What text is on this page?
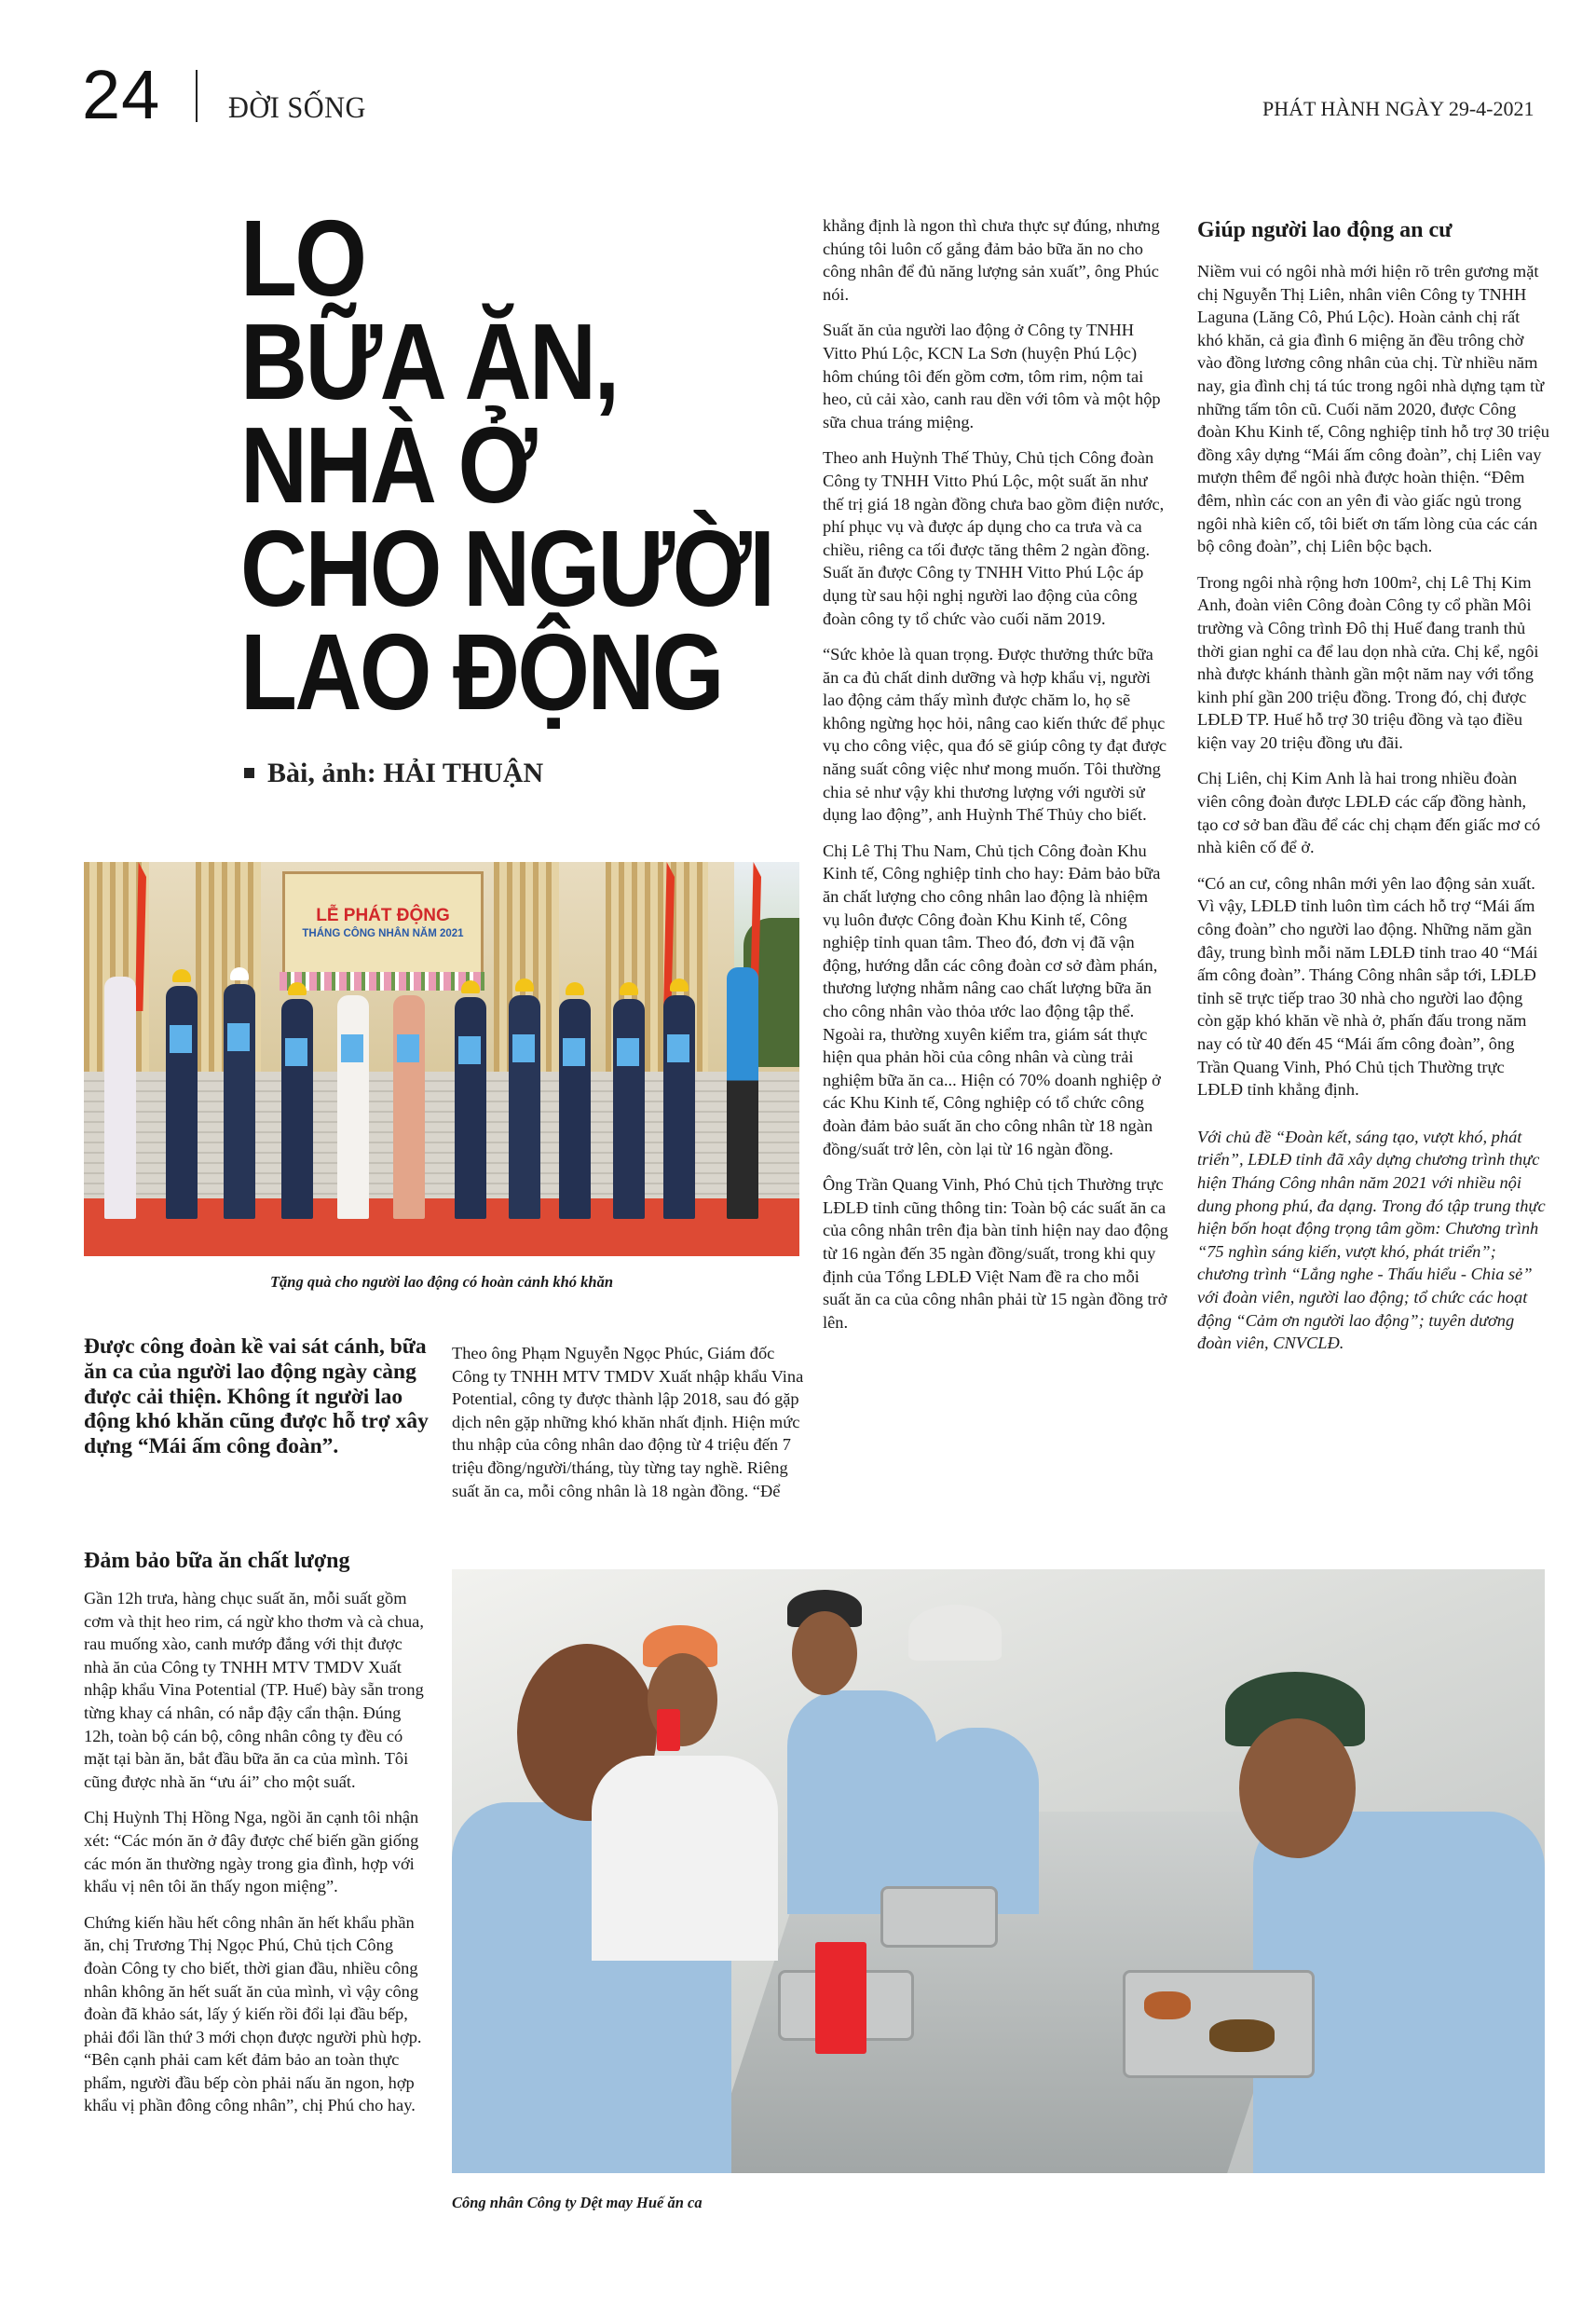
24 ĐỜI SỐNG	PHÁT HÀNH NGÀY 29-4-2021
LO
BỮA ĂN,
NHÀ Ở
CHO NGƯỜI
LAO ĐỘNG
Bài, ảnh: HẢI THUẬN
LỄ PHÁT ĐỘNG
THÁNG CÔNG NHÂN NĂM 2021
Tặng quà cho người lao động có hoàn cảnh khó khăn
Được công đoàn kề vai sát cánh, bữa ăn ca của người lao động ngày càng được cải thiện. Không ít người lao động khó khăn cũng được hỗ trợ xây dựng “Mái ấm công đoàn”.
Đảm bảo bữa ăn chất lượng

Gần 12h trưa, hàng chục suất ăn, mỗi suất gồm cơm và thịt heo rim, cá ngừ kho thơm và cà chua, rau muống xào, canh mướp đắng với thịt được nhà ăn của Công ty TNHH MTV TMDV Xuất nhập khẩu Vina Potential (TP. Huế) bày sẵn trong từng khay cá nhân, có nắp đậy cẩn thận. Đúng 12h, toàn bộ cán bộ, công nhân công ty đều có mặt tại bàn ăn, bắt đầu bữa ăn ca của mình. Tôi cũng được nhà ăn “ưu ái” cho một suất.

Chị Huỳnh Thị Hồng Nga, ngồi ăn cạnh tôi nhận xét: “Các món ăn ở đây được chế biến gần giống các món ăn thường ngày trong gia đình, hợp với khẩu vị nên tôi ăn thấy ngon miệng”.

Chứng kiến hầu hết công nhân ăn hết khẩu phần ăn, chị Trương Thị Ngọc Phú, Chủ tịch Công đoàn Công ty cho biết, thời gian đầu, nhiều công nhân không ăn hết suất ăn của mình, vì vậy công đoàn đã khảo sát, lấy ý kiến rồi đổi lại đầu bếp, phải đổi lần thứ 3 mới chọn được người phù hợp. “Bên cạnh phải cam kết đảm bảo an toàn thực phẩm, người đầu bếp còn phải nấu ăn ngon, hợp khẩu vị phần đông công nhân”, chị Phú cho hay.

Theo ông Phạm Nguyễn Ngọc Phúc, Giám đốc Công ty TNHH MTV TMDV Xuất nhập khẩu Vina Potential, công ty được thành lập 2018, sau đó gặp dịch nên gặp những khó khăn nhất định. Hiện mức thu nhập của công nhân dao động từ 4 triệu đến 7 triệu đồng/người/tháng, tùy từng tay nghề. Riêng suất ăn ca, mỗi công nhân là 18 ngàn đồng. “Để

khẳng định là ngon thì chưa thực sự đúng, nhưng chúng tôi luôn cố gắng đảm bảo bữa ăn no cho công nhân để đủ năng lượng sản xuất”, ông Phúc nói.

Suất ăn của người lao động ở Công ty TNHH Vitto Phú Lộc, KCN La Sơn (huyện Phú Lộc) hôm chúng tôi đến gồm cơm, tôm rim, nộm tai heo, củ cải xào, canh rau dền với tôm và một hộp sữa chua tráng miệng.

Theo anh Huỳnh Thế Thủy, Chủ tịch Công đoàn Công ty TNHH Vitto Phú Lộc, một suất ăn như thế trị giá 18 ngàn đồng chưa bao gồm điện nước, phí phục vụ và được áp dụng cho ca trưa và ca chiều, riêng ca tối được tăng thêm 2 ngàn đồng. Suất ăn được Công ty TNHH Vitto Phú Lộc áp dụng từ sau hội nghị người lao động của công đoàn công ty tổ chức vào cuối năm 2019.

“Sức khỏe là quan trọng. Được thưởng thức bữa ăn ca đủ chất dinh dưỡng và hợp khẩu vị, người lao động cảm thấy mình được chăm lo, họ sẽ không ngừng học hỏi, nâng cao kiến thức để phục vụ cho công việc, qua đó sẽ giúp công ty đạt được năng suất công việc như mong muốn. Tôi thường chia sẻ như vậy khi thương lượng với người sử dụng lao động”, anh Huỳnh Thế Thủy cho biết.

Chị Lê Thị Thu Nam, Chủ tịch Công đoàn Khu Kinh tế, Công nghiệp tỉnh cho hay: Đảm bảo bữa ăn chất lượng cho công nhân lao động là nhiệm vụ luôn được Công đoàn Khu Kinh tế, Công nghiệp tỉnh quan tâm. Theo đó, đơn vị đã vận động, hướng dẫn các công đoàn cơ sở đàm phán, thương lượng nhằm nâng cao chất lượng bữa ăn cho công nhân vào thỏa ước lao động tập thể. Ngoài ra, thường xuyên kiểm tra, giám sát thực hiện qua phản hồi của công nhân và cùng trải nghiệm bữa ăn ca... Hiện có 70% doanh nghiệp ở các Khu Kinh tế, Công nghiệp có tổ chức công đoàn đảm bảo suất ăn cho công nhân từ 18 ngàn đồng/suất trở lên, còn lại từ 16 ngàn đồng.

Ông Trần Quang Vinh, Phó Chủ tịch Thường trực LĐLĐ tỉnh cũng thông tin: Toàn bộ các suất ăn ca của công nhân trên địa bàn tỉnh hiện nay dao động từ 16 ngàn đến 35 ngàn đồng/suất, trong khi quy định của Tổng LĐLĐ Việt Nam đề ra cho mỗi suất ăn ca của công nhân phải từ 15 ngàn đồng trở lên.

Giúp người lao động an cư

Niềm vui có ngôi nhà mới hiện rõ trên gương mặt chị Nguyễn Thị Liên, nhân viên Công ty TNHH Laguna (Lăng Cô, Phú Lộc). Hoàn cảnh chị rất khó khăn, cả gia đình 6 miệng ăn đều trông chờ vào đồng lương công nhân của chị. Từ nhiều năm nay, gia đình chị tá túc trong ngôi nhà dựng tạm từ những tấm tôn cũ. Cuối năm 2020, được Công đoàn Khu Kinh tế, Công nghiệp tỉnh hỗ trợ 30 triệu đồng xây dựng “Mái ấm công đoàn”, chị Liên vay mượn thêm để ngôi nhà được hoàn thiện. “Đêm đêm, nhìn các con an yên đi vào giấc ngủ trong ngôi nhà kiên cố, tôi biết ơn tấm lòng của các cán bộ công đoàn”, chị Liên bộc bạch.

Trong ngôi nhà rộng hơn 100m², chị Lê Thị Kim Anh, đoàn viên Công đoàn Công ty cổ phần Môi trường và Công trình Đô thị Huế đang tranh thủ thời gian nghỉ ca để lau dọn nhà cửa. Chị kể, ngôi nhà được khánh thành gần một năm nay với tổng kinh phí gần 200 triệu đồng. Trong đó, chị được LĐLĐ TP. Huế hỗ trợ 30 triệu đồng và tạo điều kiện vay 20 triệu đồng ưu đãi.

Chị Liên, chị Kim Anh là hai trong nhiều đoàn viên công đoàn được LĐLĐ các cấp đồng hành, tạo cơ sở ban đầu để các chị chạm đến giấc mơ có nhà kiên cố để ở.

“Có an cư, công nhân mới yên lao động sản xuất. Vì vậy, LĐLĐ tỉnh luôn tìm cách hỗ trợ “Mái ấm công đoàn” cho người lao động. Những năm gần đây, trung bình mỗi năm LĐLĐ tỉnh trao 40 “Mái ấm công đoàn”. Tháng Công nhân sắp tới, LĐLĐ tỉnh sẽ trực tiếp trao 30 nhà cho người lao động còn gặp khó khăn về nhà ở, phấn đấu trong năm nay có từ 40 đến 45 “Mái ấm công đoàn”, ông Trần Quang Vinh, Phó Chủ tịch Thường trực LĐLĐ tỉnh khẳng định.

Với chủ đề “Đoàn kết, sáng tạo, vượt khó, phát triển”, LĐLĐ tỉnh đã xây dựng chương trình thực hiện Tháng Công nhân năm 2021 với nhiều nội dung phong phú, đa dạng. Trong đó tập trung thực hiện bốn hoạt động trọng tâm gồm: Chương trình “75 nghìn sáng kiến, vượt khó, phát triển”; chương trình “Lắng nghe - Thấu hiểu - Chia sẻ” với đoàn viên, người lao động; tổ chức các hoạt động “Cảm ơn người lao động”; tuyên dương đoàn viên, CNVCLĐ.

Công nhân Công ty Dệt may Huế ăn ca
